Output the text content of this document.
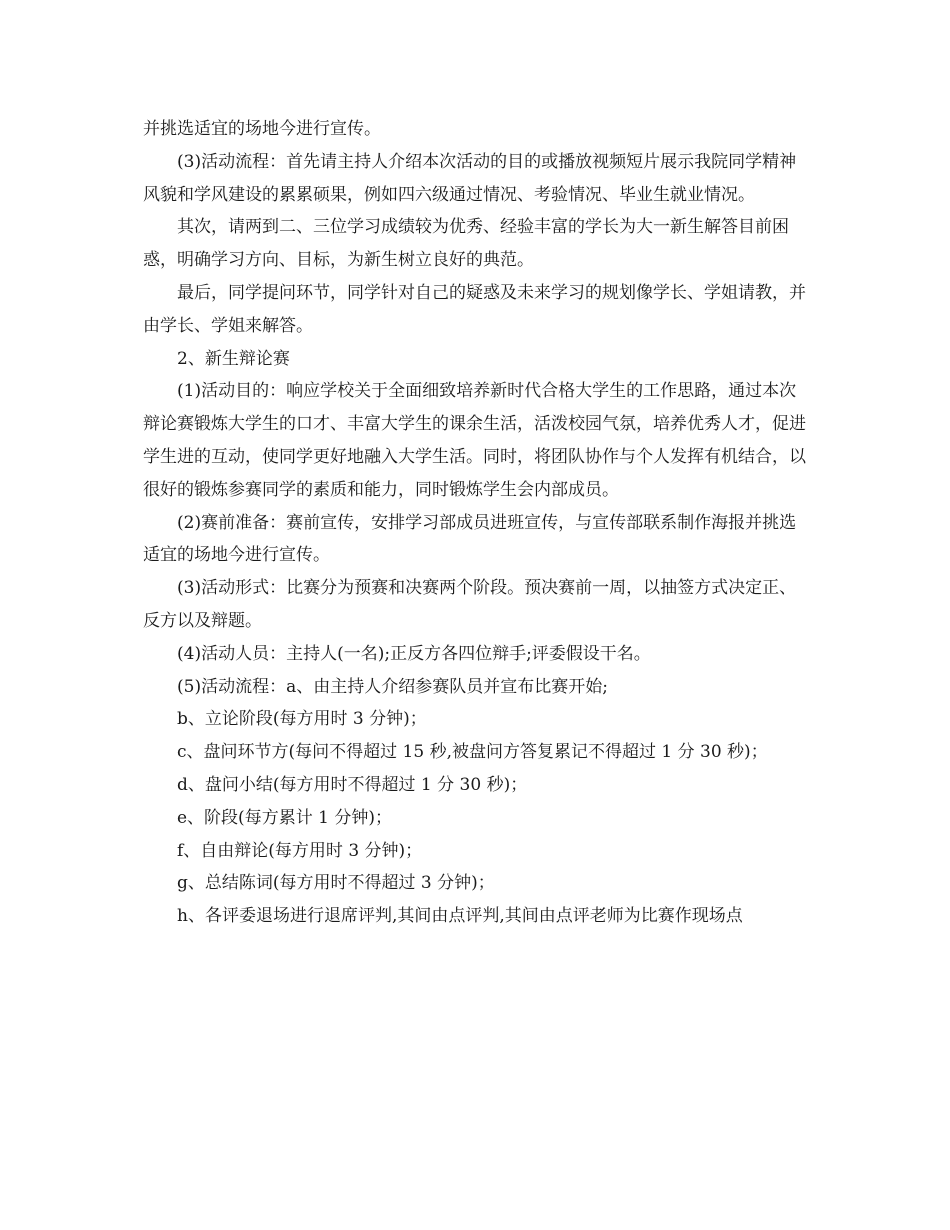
并挑选适宜的场地今进行宣传。

(3)活动流程：首先请主持人介绍本次活动的目的或播放视频短片展示我院同学精神风貌和学风建设的累累硕果，例如四六级通过情况、考验情况、毕业生就业情况。

其次，请两到二、三位学习成绩较为优秀、经验丰富的学长为大一新生解答目前困惑，明确学习方向、目标，为新生树立良好的典范。

最后，同学提问环节，同学针对自己的疑惑及未来学习的规划像学长、学姐请教，并由学长、学姐来解答。

2、新生辩论赛

(1)活动目的：响应学校关于全面细致培养新时代合格大学生的工作思路，通过本次辩论赛锻炼大学生的口才、丰富大学生的课余生活，活泼校园气氛，培养优秀人才，促进学生进的互动，使同学更好地融入大学生活。同时，将团队协作与个人发挥有机结合，以很好的锻炼参赛同学的素质和能力，同时锻炼学生会内部成员。

(2)赛前准备：赛前宣传，安排学习部成员进班宣传，与宣传部联系制作海报并挑选适宜的场地今进行宣传。

(3)活动形式：比赛分为预赛和决赛两个阶段。预决赛前一周，以抽签方式决定正、反方以及辩题。

(4)活动人员：主持人(一名);正反方各四位辩手;评委假设干名。

(5)活动流程：a、由主持人介绍参赛队员并宣布比赛开始;

b、立论阶段(每方用时 3 分钟)；

c、盘问环节方(每问不得超过 15 秒,被盘问方答复累记不得超过 1 分 30 秒)；

d、盘问小结(每方用时不得超过 1 分 30 秒)；

e、阶段(每方累计 1 分钟)；

f、自由辩论(每方用时 3 分钟)；

g、总结陈词(每方用时不得超过 3 分钟)；

h、各评委退场进行退席评判,其间由点评判,其间由点评老师为比赛作现场点
